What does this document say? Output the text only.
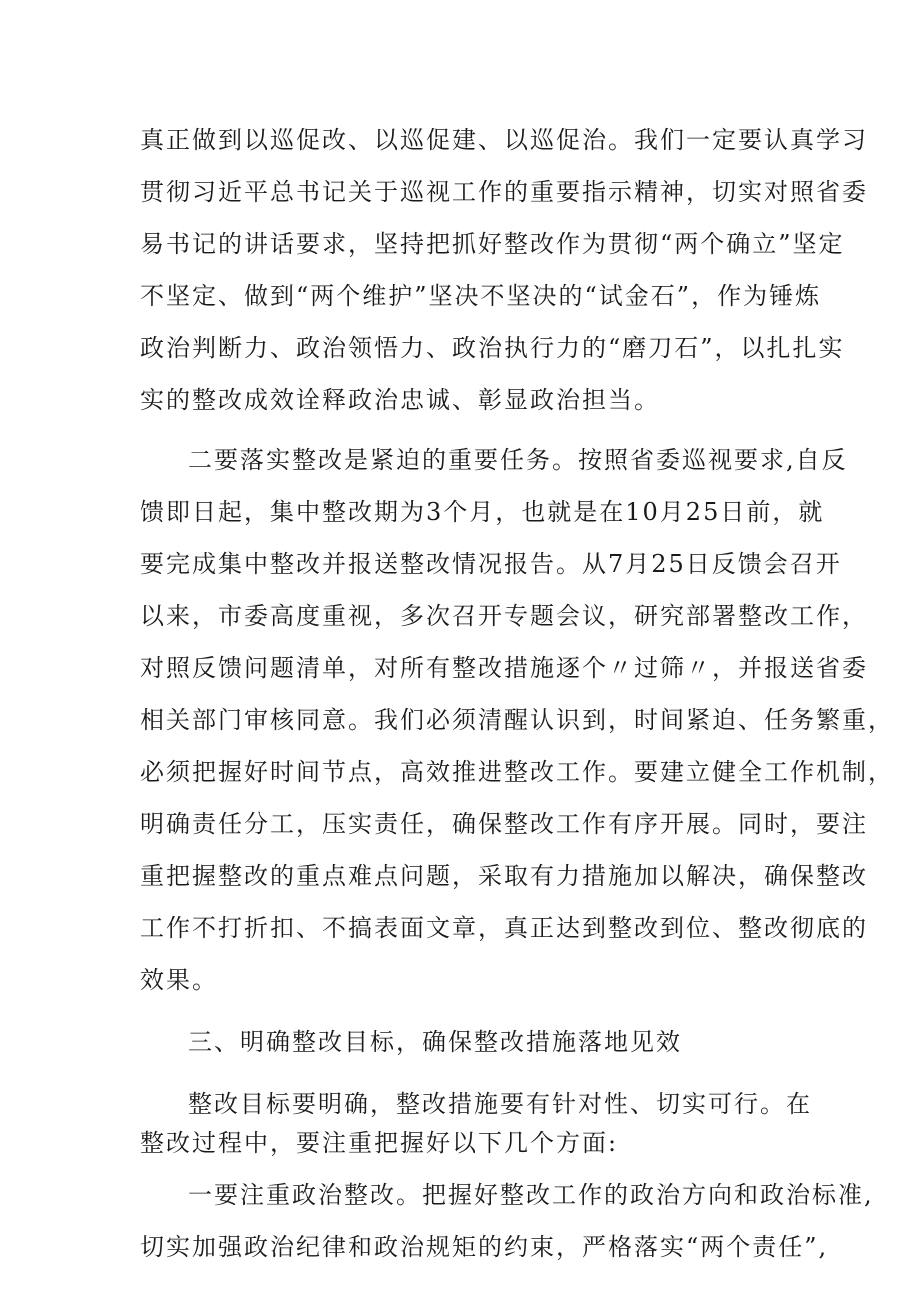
真正做到以巡促改、以巡促建、以巡促治。我们一定要认真学习
贯彻习近平总书记关于巡视工作的重要指示精神，切实对照省委
易书记的讲话要求，坚持把抓好整改作为贯彻“两个确立”坚定
不坚定、做到“两个维护”坚决不坚决的“试金石”，作为锤炼
政治判断力、政治领悟力、政治执行力的“磨刀石”，以扎扎实
实的整改成效诠释政治忠诚、彰显政治担当。
二要落实整改是紧迫的重要任务。按照省委巡视要求,自反
馈即日起，集中整改期为3个月，也就是在10月25日前，就
要完成集中整改并报送整改情况报告。从7月25日反馈会召开
以来，市委高度重视，多次召开专题会议，研究部署整改工作，
对照反馈问题清单，对所有整改措施逐个〃过筛〃，并报送省委
相关部门审核同意。我们必须清醒认识到，时间紧迫、任务繁重，
必须把握好时间节点，高效推进整改工作。要建立健全工作机制，
明确责任分工，压实责任，确保整改工作有序开展。同时，要注
重把握整改的重点难点问题，采取有力措施加以解决，确保整改
工作不打折扣、不搞表面文章，真正达到整改到位、整改彻底的
效果。
三、明确整改目标，确保整改措施落地见效
整改目标要明确，整改措施要有针对性、切实可行。在
整改过程中，要注重把握好以下几个方面:
一要注重政治整改。把握好整改工作的政治方向和政治标准,
切实加强政治纪律和政治规矩的约束，严格落实“两个责任”,
